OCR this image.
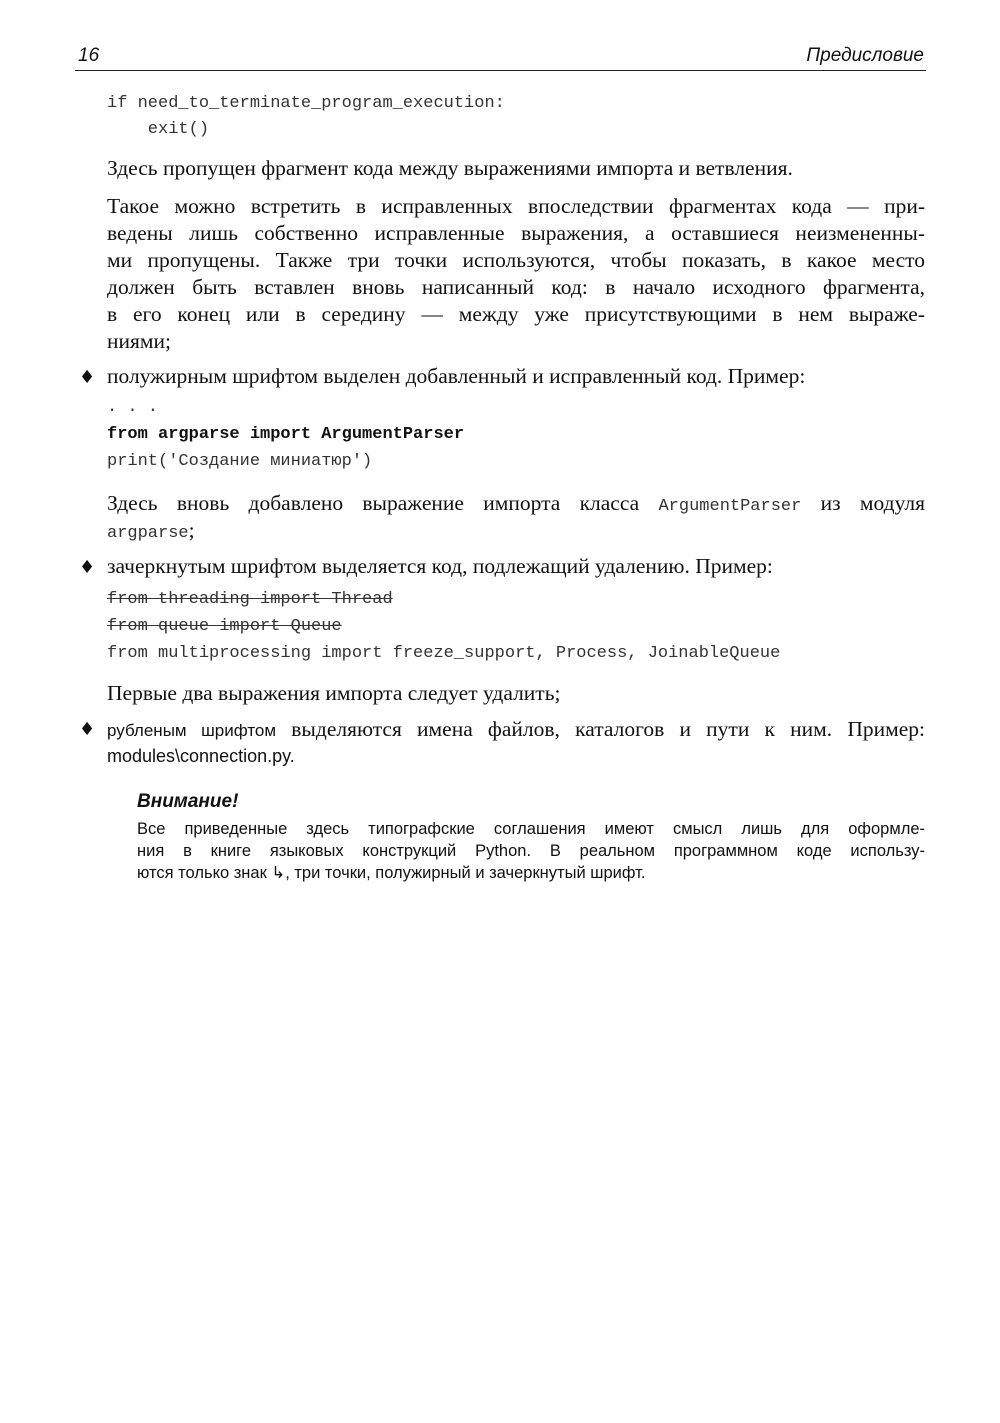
16	Предисловие
if need_to_terminate_program_execution:
exit()
Здесь пропущен фрагмент кода между выражениями импорта и ветвления.
Такое можно встретить в исправленных впоследствии фрагментах кода — при-
ведены лишь собственно исправленные выражения, а оставшиеся неизмененны-
ми пропущены. Также три точки используются, чтобы показать, в какое место
должен быть вставлен вновь написанный код: в начало исходного фрагмента,
в его конец или в середину — между уже присутствующими в нем выраже-
ниями;
♦ полужирным шрифтом выделен добавленный и исправленный код. Пример:
. . .
from argparse import ArgumentParser
print('Создание миниатюр')
Здесь вновь добавлено выражение импорта класса ArgumentParser из модуля
argparse;
♦ зачеркнутым шрифтом выделяется код, подлежащий удалению. Пример:
from threading import Thread
from queue import Queue
from multiprocessing import freeze_support, Process, JoinableQueue
Первые два выражения импорта следует удалить;
♦ рубленым шрифтом выделяются имена файлов, каталогов и пути к ним. Пример:
modules\connection.py.
Внимание!
Все приведенные здесь типографские соглашения имеют смысл лишь для оформле-
ния в книге языковых конструкций Python. В реальном программном коде использу-
ются только знак ↳, три точки, полужирный и зачеркнутый шрифт.
